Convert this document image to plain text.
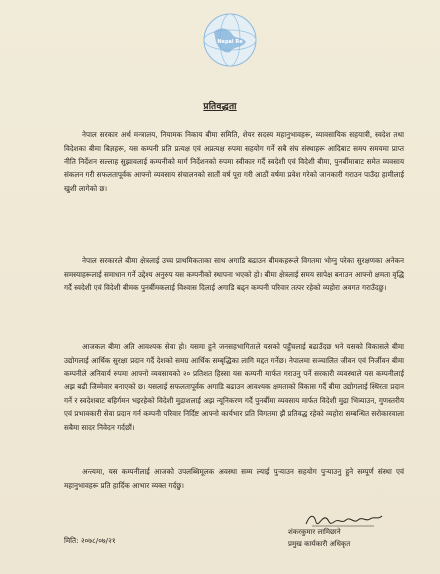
Nepal Re
प्रतिवद्धता

नेपाल सरकार अर्थ मन्त्रालय, नियामक निकाय बीमा समिति, शेयर सदस्य महानुभावहरू, व्यावसायिक सहयात्री, स्वदेश तथा विदेशका बीमा बिज्ञहरू, यस कम्पनी प्रति प्रत्यक्ष एवं अप्रत्यक्ष रुपमा सहयोग गर्ने सबै संघ संस्थाहरू आदिबाट समय समयमा प्राप्त नीति निर्देशन सल्लाह सुझावलाई कम्पनीको मार्ग निर्देशनको रुपमा स्वीकार गर्दै स्वदेशी एवं विदेशी बीमा, पुनर्बीमाबाट समेत व्यवसाय संकलन गरी सफलतापूर्वक आफ्नो व्यवसाय संचालनको सातौं वर्ष पूरा गरी आठौं वर्षमा प्रवेश गरेको जानकारी गराउन पाउँदा हामीलाई खुशी लागेको छ।

नेपाल सरकारले बीमा क्षेत्रलाई उच्च प्राथमिकताका साथ अगाडि बढाउन बीमकहरूले विगतमा भोग्नु परेका सुरक्षणका अनेकन समस्याहरूलाई समाधान गर्ने उद्देश्य अनुरुप यस कम्पनीको स्थापना भएको हो। बीमा क्षेत्रलाई समय सापेक्ष बनाउन आफ्नो क्षमता वृद्धि गर्दै स्वदेशी एवं विदेशी बीमक पुनर्बीमकलाई विश्वास दिलाई अगाडि बढ्न कम्पनी परिवार तत्पर रहेको व्यहोरा अवगत गराउँदछु।

आजकल बीमा अति आवश्यक सेवा हो। यसमा हुने जनसहभागिताले यसको पहुँचलाई बढाउँदछ भने यसको विकासले बीमा उद्योगलाई आर्थिक सुरक्षा प्रदान गर्दै देशको समग्र आर्थिक सम्बृद्धिका लागि मद्दत गर्नेछ। नेपालमा सञ्चालित जीवन एवं निर्जीवन बीमा कम्पनीले अनिवार्य रुपमा आफ्नो व्यवसायको २० प्रतिशत हिस्सा यस कम्पनी मार्फत गराउनु पर्ने सरकारी व्यवस्थाले यस कम्पनीलाई अझ बढी जिम्मेवार बनाएको छ। यसलाई सफलतापूर्वक अगाडि बढाउन आवश्यक क्षमताको विकास गर्दै बीमा उद्योगलाई स्थिरता प्रदान गर्ने र स्वदेशबाट बहिर्गमन भइरहेको विदेशी मुद्राशलाई अझ न्यूनिकरण गर्दै पुनर्बीमा व्यवसाय मार्फत विदेशी मुद्रा भित्र्याउन, गुणस्तरीय एवं प्रभावकारी सेवा प्रदान गर्न कम्पनी परिवार निर्दिष्ट आफ्नो कार्यभार प्रति विगतमा झैं प्रतिवद्ध रहेको व्यहोरा सम्बन्धित सरोकारवाला सबैमा सादर निवेदन गर्दछौं।

अन्त्यमा, यस कम्पनीलाई आजको उपलब्धिमूलक अवस्था सम्म ल्याई पुऱ्याउन सहयोग पुऱ्याउनु हुने सम्पूर्ण संस्था एवं महानुभावहरू प्रति हार्दिक आभार व्यक्त गर्दछु।

शंकरकुमार लामिछाने
प्रमुख कार्यकारी अधिकृत
मिति: २०७८/०७/२१
